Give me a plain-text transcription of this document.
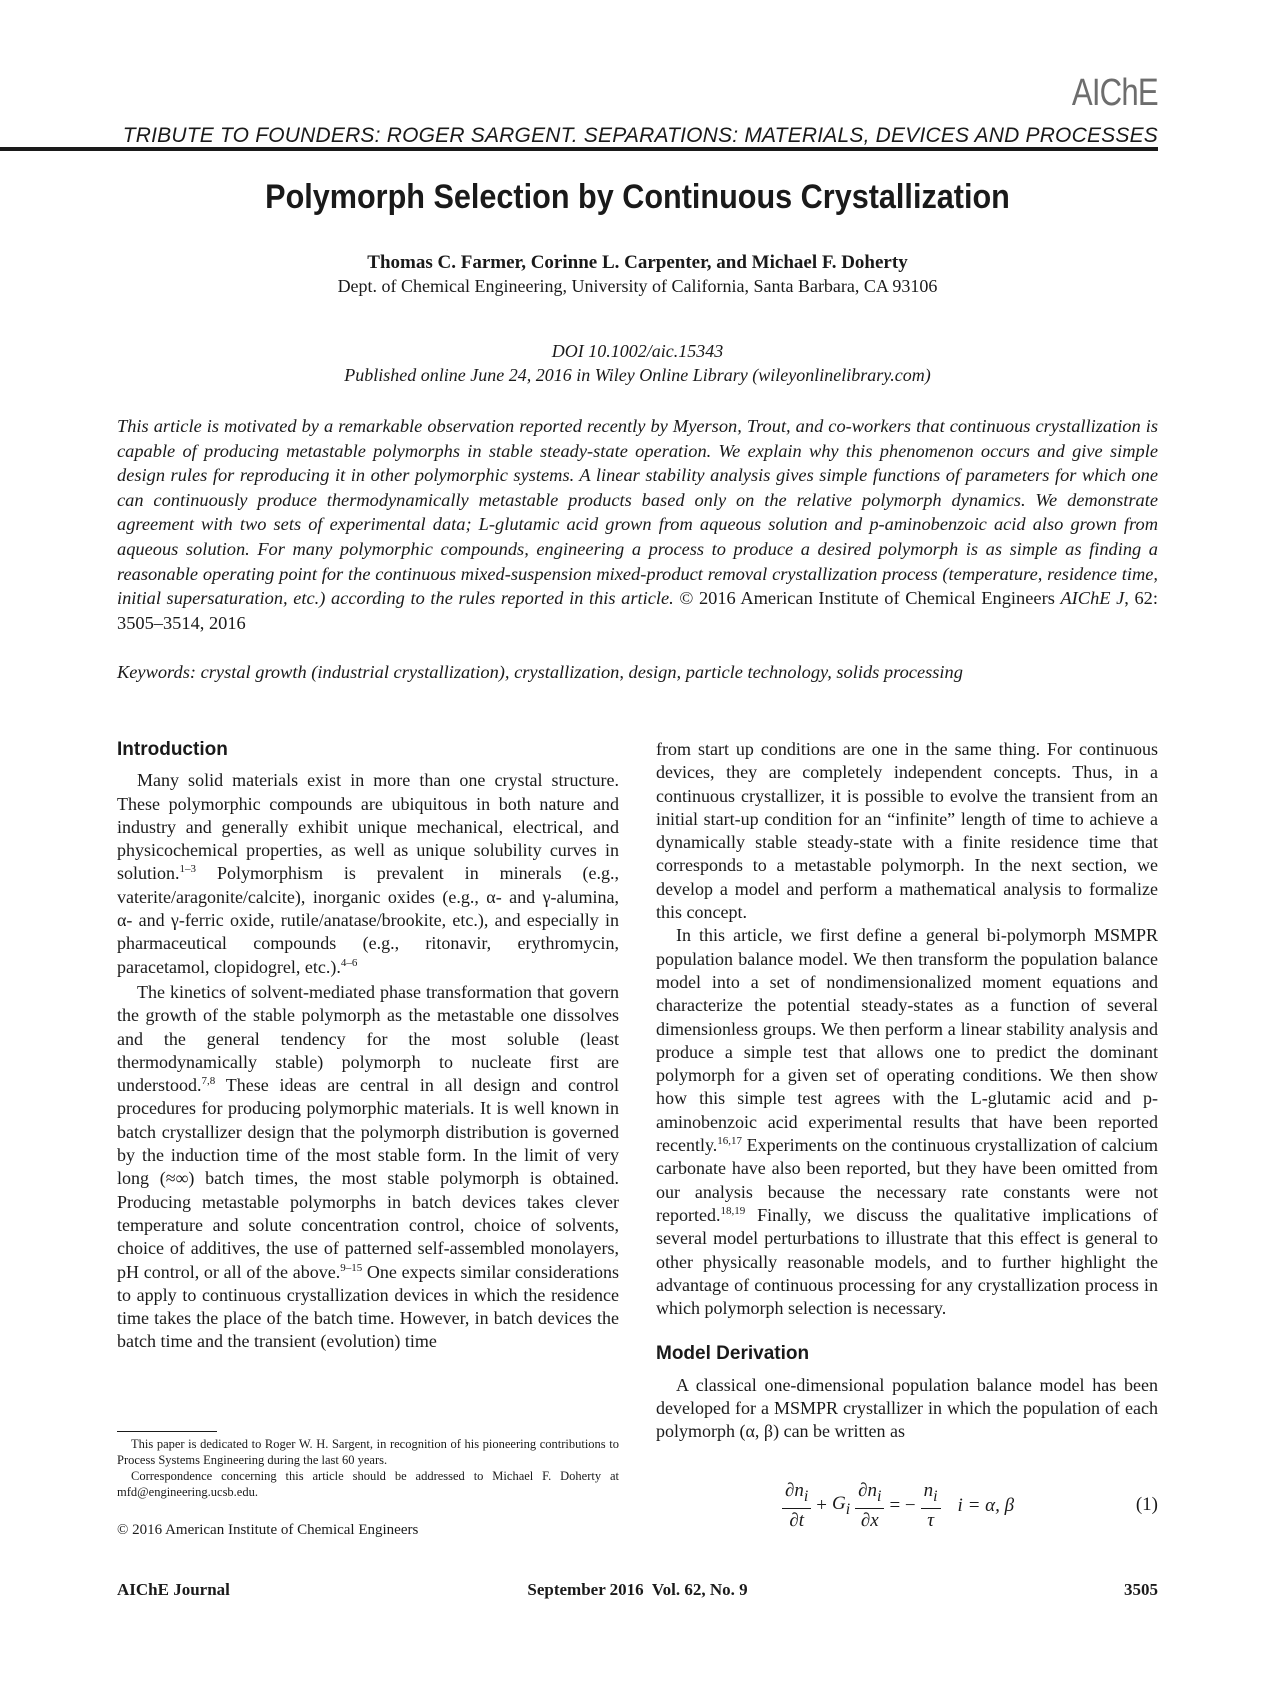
AIChE
TRIBUTE TO FOUNDERS: ROGER SARGENT. SEPARATIONS: MATERIALS, DEVICES AND PROCESSES
Polymorph Selection by Continuous Crystallization
Thomas C. Farmer, Corinne L. Carpenter, and Michael F. Doherty
Dept. of Chemical Engineering, University of California, Santa Barbara, CA 93106
DOI 10.1002/aic.15343
Published online June 24, 2016 in Wiley Online Library (wileyonlinelibrary.com)
This article is motivated by a remarkable observation reported recently by Myerson, Trout, and co-workers that continuous crystallization is capable of producing metastable polymorphs in stable steady-state operation. We explain why this phenomenon occurs and give simple design rules for reproducing it in other polymorphic systems. A linear stability analysis gives simple functions of parameters for which one can continuously produce thermodynamically metastable products based only on the relative polymorph dynamics. We demonstrate agreement with two sets of experimental data; L-glutamic acid grown from aqueous solution and p-aminobenzoic acid also grown from aqueous solution. For many polymorphic compounds, engineering a process to produce a desired polymorph is as simple as finding a reasonable operating point for the continuous mixed-suspension mixed-product removal crystallization process (temperature, residence time, initial supersaturation, etc.) according to the rules reported in this article. © 2016 American Institute of Chemical Engineers AIChE J, 62: 3505–3514, 2016
Keywords: crystal growth (industrial crystallization), crystallization, design, particle technology, solids processing
Introduction

Many solid materials exist in more than one crystal structure. These polymorphic compounds are ubiquitous in both nature and industry and generally exhibit unique mechanical, electrical, and physicochemical properties, as well as unique solubility curves in solution.$^{1-3}$ Polymorphism is prevalent in minerals (e.g., vaterite/aragonite/calcite), inorganic oxides (e.g., α- and γ-alumina, α- and γ-ferric oxide, rutile/anatase/brookite, etc.), and especially in pharmaceutical compounds (e.g., ritonavir, erythromycin, paracetamol, clopidogrel, etc.).$^{4-6}$

The kinetics of solvent-mediated phase transformation that govern the growth of the stable polymorph as the metastable one dissolves and the general tendency for the most soluble (least thermodynamically stable) polymorph to nucleate first are understood.$^{7,8}$ These ideas are central in all design and control procedures for producing polymorphic materials. It is well known in batch crystallizer design that the polymorph distribution is governed by the induction time of the most stable form. In the limit of very long (≈∞) batch times, the most stable polymorph is obtained. Producing metastable polymorphs in batch devices takes clever temperature and solute concentration control, choice of solvents, choice of additives, the use of patterned self-assembled monolayers, pH control, or all of the above.$^{9-15}$ One expects similar considerations to apply to continuous crystallization devices in which the residence time takes the place of the batch time. However, in batch devices the batch time and the transient (evolution) time

from start up conditions are one in the same thing. For continuous devices, they are completely independent concepts. Thus, in a continuous crystallizer, it is possible to evolve the transient from an initial start-up condition for an “infinite” length of time to achieve a dynamically stable steady-state with a finite residence time that corresponds to a metastable polymorph. In the next section, we develop a model and perform a mathematical analysis to formalize this concept.

In this article, we first define a general bi-polymorph MSMPR population balance model. We then transform the population balance model into a set of nondimensionalized moment equations and characterize the potential steady-states as a function of several dimensionless groups. We then perform a linear stability analysis and produce a simple test that allows one to predict the dominant polymorph for a given set of operating conditions. We then show how this simple test agrees with the L-glutamic acid and p-aminobenzoic acid experimental results that have been reported recently.$^{16,17}$ Experiments on the continuous crystallization of calcium carbonate have also been reported, but they have been omitted from our analysis because the necessary rate constants were not reported.$^{18,19}$ Finally, we discuss the qualitative implications of several model perturbations to illustrate that this effect is general to other physically reasonable models, and to further highlight the advantage of continuous processing for any crystallization process in which polymorph selection is necessary.

Model Derivation

A classical one-dimensional population balance model has been developed for a MSMPR crystallizer in which the population of each polymorph (α, β) can be written as

$\frac{\partial n_i}{\partial t} + G_i \frac{\partial n_i}{\partial x}$ = − $\frac{n_i}{\tau}$ i = α, β	(1)

This paper is dedicated to Roger W. H. Sargent, in recognition of his pioneering contributions to Process Systems Engineering during the last 60 years.

Correspondence concerning this article should be addressed to Michael F. Doherty at mfd@engineering.ucsb.edu.

© 2016 American Institute of Chemical Engineers
AIChE Journal	September 2016  Vol. 62, No. 9	3505
